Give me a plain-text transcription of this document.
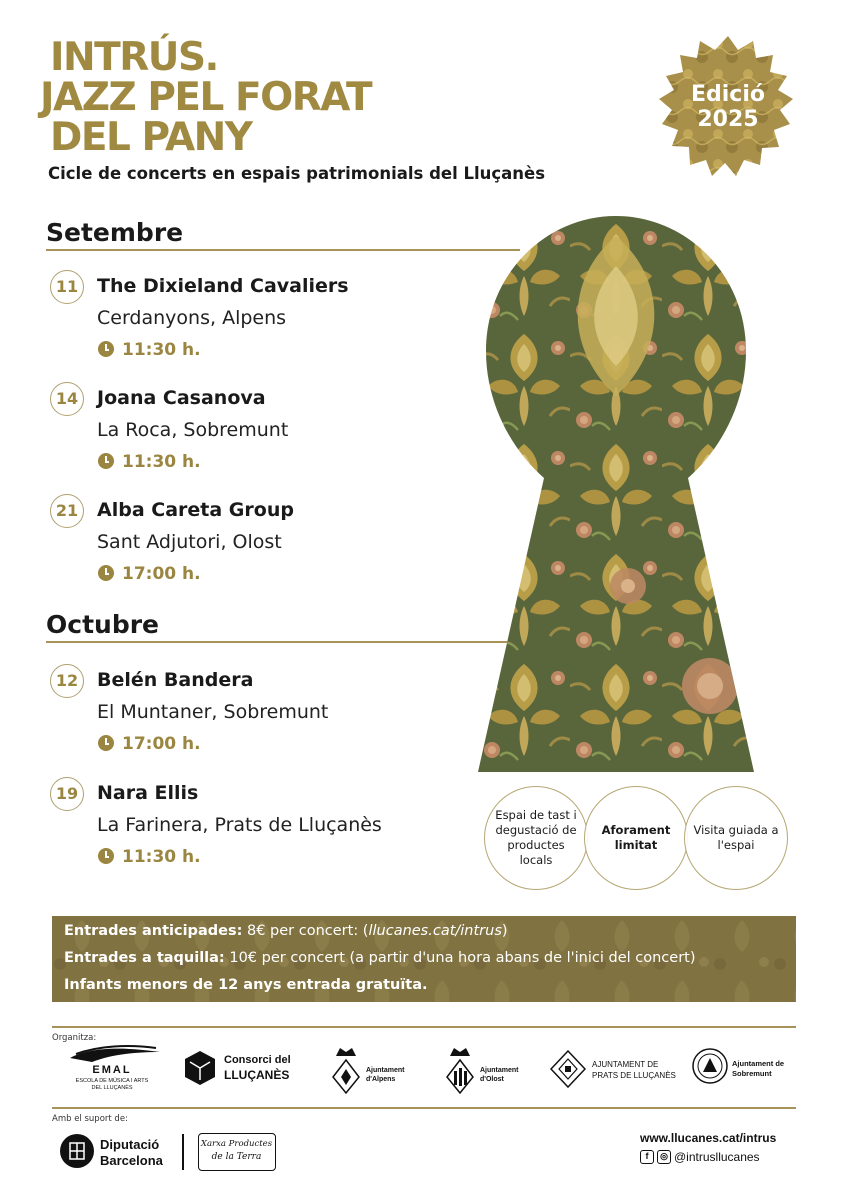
INTRÚS.
JAZZ PEL FORAT
DEL PANY
Cicle de concerts en espais patrimonials del Lluçanès
Edició
2025
Setembre
11 The Dixieland Cavaliers
Cerdanyons, Alpens
11:30 h.
14 Joana Casanova
La Roca, Sobremunt
11:30 h.
21 Alba Careta Group
Sant Adjutori, Olost
17:00 h.
Octubre
12 Belén Bandera
El Muntaner, Sobremunt
17:00 h.
19 Nara Ellis
La Farinera, Prats de Lluçanès
11:30 h.
Espai de tast i degustació de productes locals
Aforament limitat
Visita guiada a l'espai
Entrades anticipades: 8€ per concert: (llucanes.cat/intrus)
Entrades a taquilla: 10€ per concert (a partir d'una hora abans de l'inici del concert)
Infants menors de 12 anys entrada gratuïta.
Organitza:
EMAL
ESCOLA DE MÚSICA I ARTS
DEL LLUÇANÈS
Consorci del
LLUÇANÈS	Ajuntament
d'Alpens
Ajuntament
d'Olost
AJUNTAMENT DE
PRATS DE LLUÇANÈS
Ajuntament de
Sobremunt
Amb el suport de:
Diputació
Barcelona
Xarxa Productes
de la Terra
www.llucanes.cat/intrus
f	◎ @intrusllucanes
